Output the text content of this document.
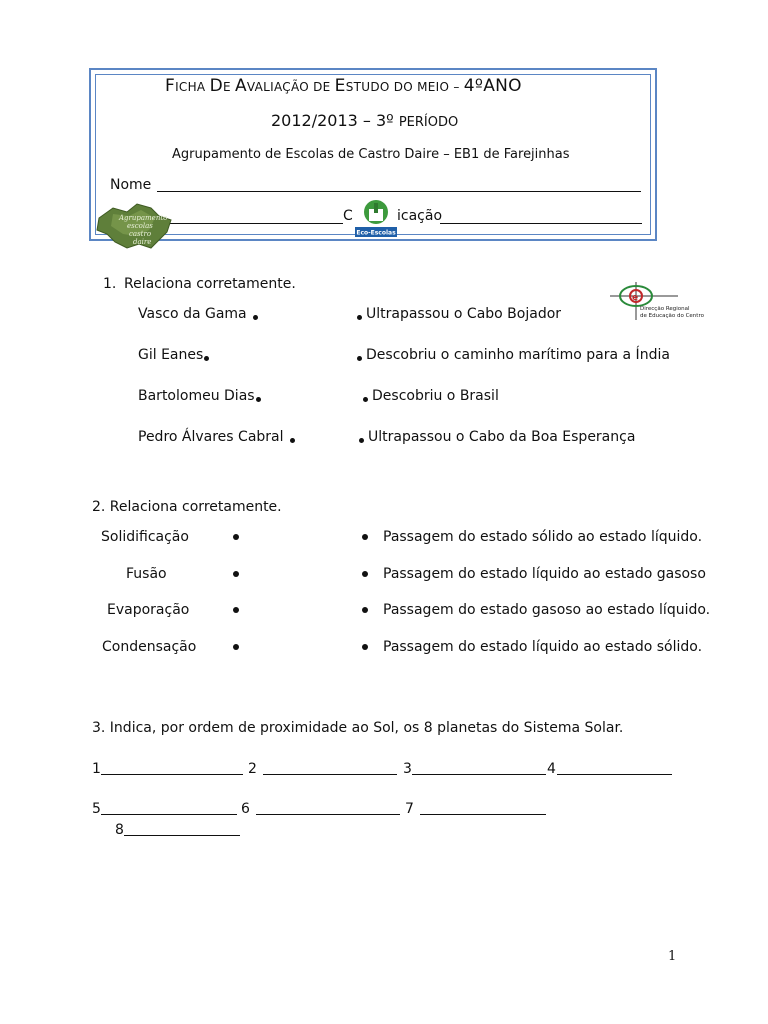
FICHA DE AVALIAÇÃO DE ESTUDO DO MEIO – 4ºANO
2012/2013 – 3º PERÍODO
Agrupamento de Escolas de Castro Daire – EB1 de Farejinhas
Nome
C	icação
Agrupamento
escolas
castro
daire
Eco-Escolas
e
Direcção Regional
de Educação do Centro
1. Relaciona corretamente.
Vasco da Gama	Ultrapassou o Cabo Bojador
Gil Eanes	Descobriu o caminho marítimo para a Índia
Bartolomeu Dias	Descobriu o Brasil
Pedro Álvares Cabral	Ultrapassou o Cabo da Boa Esperança
2. Relaciona corretamente.
Solidificação	Passagem do estado sólido ao estado líquido.
Fusão	Passagem do estado líquido ao estado gasoso
Evaporação	Passagem do estado gasoso ao estado líquido.
Condensação	Passagem do estado líquido ao estado sólido.
3. Indica, por ordem de proximidade ao Sol, os 8 planetas do Sistema Solar.
1	2	3	4
5	6	7
8
1
